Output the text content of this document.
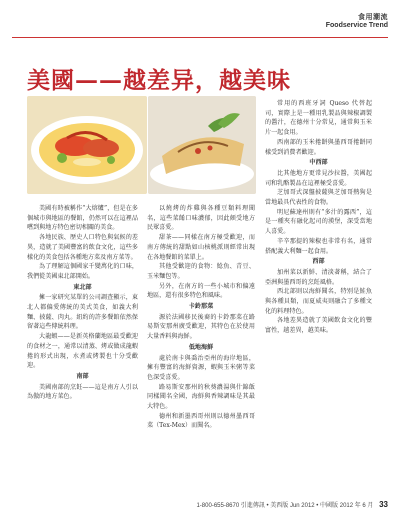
食用潮流
Foodservice Trend
美國——越差异，越美味

美國有時被稱作“大熔爐”，但是在多個城市與地區的餐館，仍然可以在這裡品嚐到與地方特色密切相關的美食。

各地民族、歷史人口特色與氣候的差異，造就了美國豐富的飲食文化，這些多樣化的美食包括各種地方菜及南方菜等。

為了理解這個國家千變萬化的口味，我們從美國東北部開始。

東北部

擁一家研究某單的公司調查顯示，東北人都偏愛傳統的美式美食，如義大利麵、披薩、肉丸。紐約的許多餐館依然保留著這些傳統料理。

大龍蝦——是新英格蘭地區最受歡迎的食材之一，通常以清蒸、烤或做成龍蝦捲的形式出現，水煮或烤製也十分受歡迎。

南部

美國南部的烹飪——這是南方人引以為傲的地方菜色。

以燒烤的炸雞與各種豆類料理聞名，這些菜餚口味濃郁，因此頗受地方民眾喜愛。

甜茶——同樣在南方極受歡迎，而南方傳統的甜點如山核桃派則經常出現在各地餐館的菜單上。

其他受歡迎的食物：鯰魚、青豆、玉米麵包等。

另外，在南方的一些小城市和偏遠地區，還有很多特色和風味。

卡鈴那菜

源於法國移民後裔的卡鈴那菜在路易斯安那州廣受歡迎，其特色在於使用大量香料與海鮮。

低地海鮮

處於南卡與喬治亞州的海岸地區，擁有豐富的海鮮資源，蝦與玉米粥等菜色深受喜愛。

路易斯安那州的秋葵濃湯與什錦飯同樣聞名全國，海鮮與香辣調味是其最大特色。

德州和新墨西哥州則以德州墨西哥菜（Tex-Mex）而聞名。

常用的西班牙詞 Queso 代替起司，實際上是一種用乳製品與辣椒調製的醬汁，在德州十分常見，通常與玉米片一起食用。

西南部的玉米捲餅與墨西哥捲餅同樣受到消費者歡迎。

中西部

比其他地方更常見沙拉醬，美國起司和乳酪製品在這裡極受喜愛。

芝加哥式深盤披薩與芝加哥熱狗是當地最具代表性的食物。

明尼蘇達州則有“多汁的露西”，這是一種夾有融化起司的漢堡，深受當地人喜愛。

辛辛那提的辣椒也非常有名，通常搭配義大利麵一起食用。

西部

加州菜以新鮮、清淡著稱，結合了亞洲與墨西哥的烹飪風格。

西北部則以海鮮聞名，特別是鮭魚與各種貝類，而夏威夷則融合了多種文化的料理特色。

各地差異造就了美國飲食文化的豐富性，越差異，越美味。

1-800-655-8670 引進傳訊 • 美西版 Jun 2012 • 中國版 2012 年 6 月 33
